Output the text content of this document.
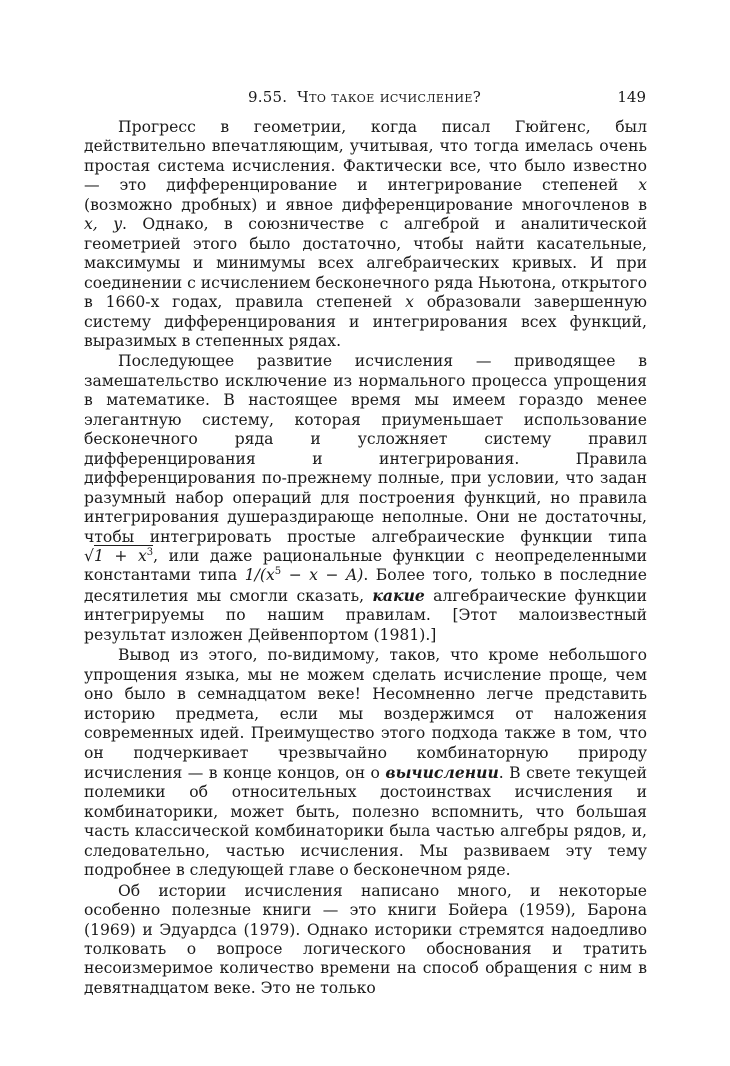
9.55. Что такое исчисление?	149

Прогресс в геометрии, когда писал Гюйгенс, был действительно впечатляющим, учитывая, что тогда имелась очень простая система исчисления. Фактически все, что было известно — это дифференцирование и интегрирование степеней x (возможно дробных) и явное дифференцирование многочленов в x, y. Однако, в союзничестве с алгеброй и аналитической геометрией этого было достаточно, чтобы найти касательные, максимумы и минимумы всех алгебраических кривых. И при соединении с исчислением бесконечного ряда Ньютона, открытого в 1660-х годах, правила степеней x образовали завершенную систему дифференцирования и интегрирования всех функций, выразимых в степенных рядах.

Последующее развитие исчисления — приводящее в замешательство исключение из нормального процесса упрощения в математике. В настоящее время мы имеем гораздо менее элегантную систему, которая приуменьшает использование бесконечного ряда и усложняет систему правил дифференцирования и интегрирования. Правила дифференцирования по-прежнему полные, при условии, что задан разумный набор операций для построения функций, но правила интегрирования душераздирающе неполные. Они не достаточны, чтобы интегрировать простые алгебраические функции типа $√1 + x^3$, или даже рациональные функции с неопределенными константами типа $1/(x^5 - x - A)$. Более того, только в последние десятилетия мы смогли сказать, какие алгебраические функции интегрируемы по нашим правилам. [Этот малоизвестный результат изложен Дейвенпортом (1981).]

Вывод из этого, по-видимому, таков, что кроме небольшого упрощения языка, мы не можем сделать исчисление проще, чем оно было в семнадцатом веке! Несомненно легче представить историю предмета, если мы воздержимся от наложения современных идей. Преимущество этого подхода также в том, что он подчеркивает чрезвычайно комбинаторную природу исчисления — в конце концов, он о вычислении. В свете текущей полемики об относительных достоинствах исчисления и комбинаторики, может быть, полезно вспомнить, что большая часть классической комбинаторики была частью алгебры рядов, и, следовательно, частью исчисления. Мы развиваем эту тему подробнее в следующей главе о бесконечном ряде.

Об истории исчисления написано много, и некоторые особенно полезные книги — это книги Бойера (1959), Барона (1969) и Эдуардса (1979). Однако историки стремятся надоедливо толковать о вопросе логического обоснования и тратить несоизмеримое количество времени на способ обращения с ним в девятнадцатом веке. Это не только
